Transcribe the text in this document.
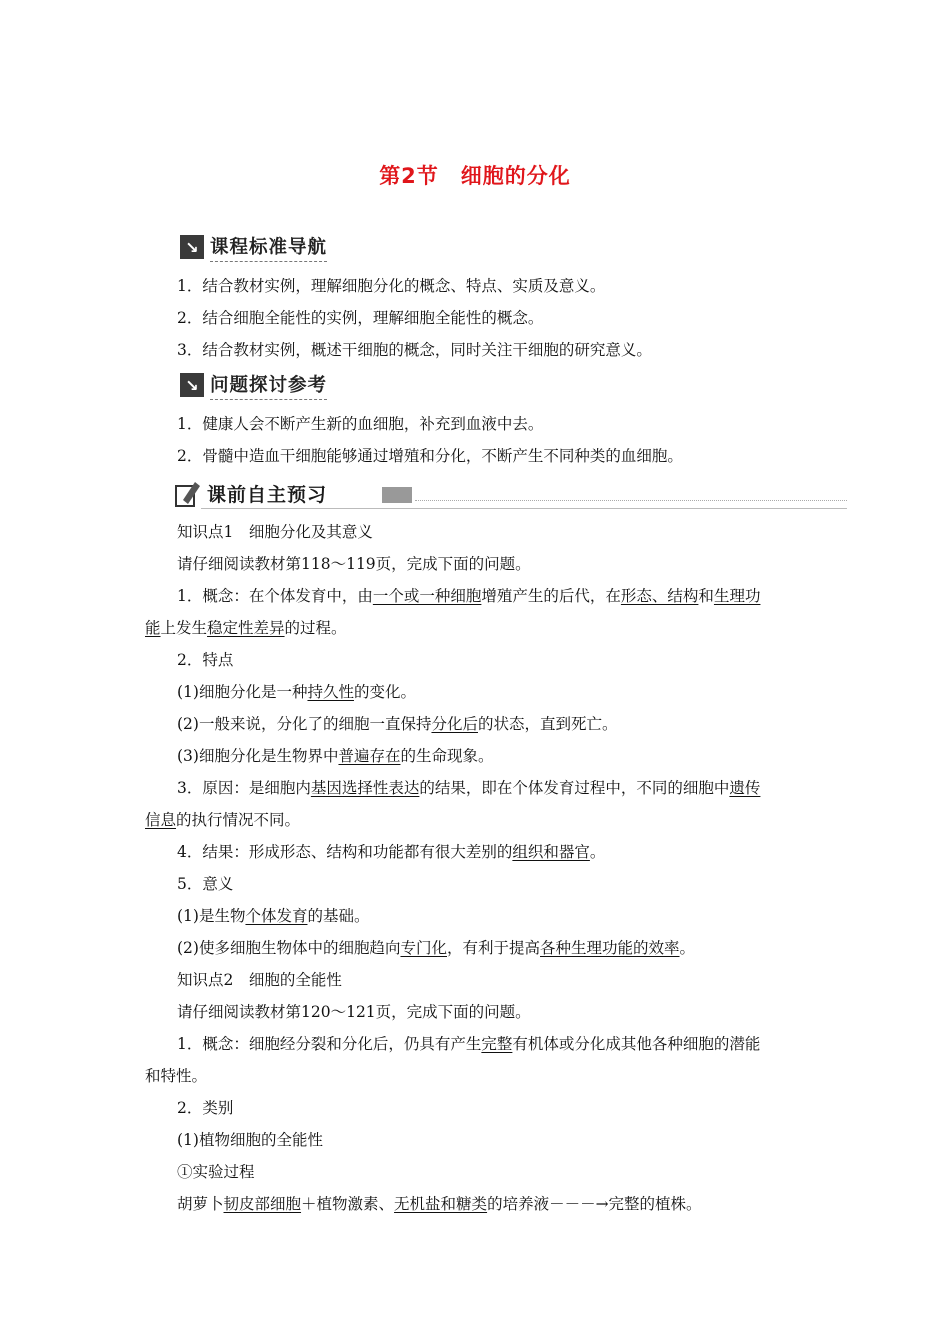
第2节　细胞的分化
↘ 课程标准导航
1．结合教材实例，理解细胞分化的概念、特点、实质及意义。
2．结合细胞全能性的实例，理解细胞全能性的概念。
3．结合教材实例，概述干细胞的概念，同时关注干细胞的研究意义。
↘ 问题探讨参考
1．健康人会不断产生新的血细胞，补充到血液中去。
2．骨髓中造血干细胞能够通过增殖和分化，不断产生不同种类的血细胞。
课前自主预习
知识点1　细胞分化及其意义
请仔细阅读教材第118～119页，完成下面的问题。
1．概念：在个体发育中，由一个或一种细胞增殖产生的后代，在形态、结构和生理功
能上发生稳定性差异的过程。
2．特点
(1)细胞分化是一种持久性的变化。
(2)一般来说，分化了的细胞一直保持分化后的状态，直到死亡。
(3)细胞分化是生物界中普遍存在的生命现象。
3．原因：是细胞内基因选择性表达的结果，即在个体发育过程中，不同的细胞中遗传
信息的执行情况不同。
4．结果：形成形态、结构和功能都有很大差别的组织和器官。
5．意义
(1)是生物个体发育的基础。
(2)使多细胞生物体中的细胞趋向专门化，有利于提高各种生理功能的效率。
知识点2　细胞的全能性
请仔细阅读教材第120～121页，完成下面的问题。
1．概念：细胞经分裂和分化后，仍具有产生完整有机体或分化成其他各种细胞的潜能
和特性。
2．类别
(1)植物细胞的全能性
①实验过程
胡萝卜韧皮部细胞＋植物激素、无机盐和糖类的培养液－－－→完整的植株。
